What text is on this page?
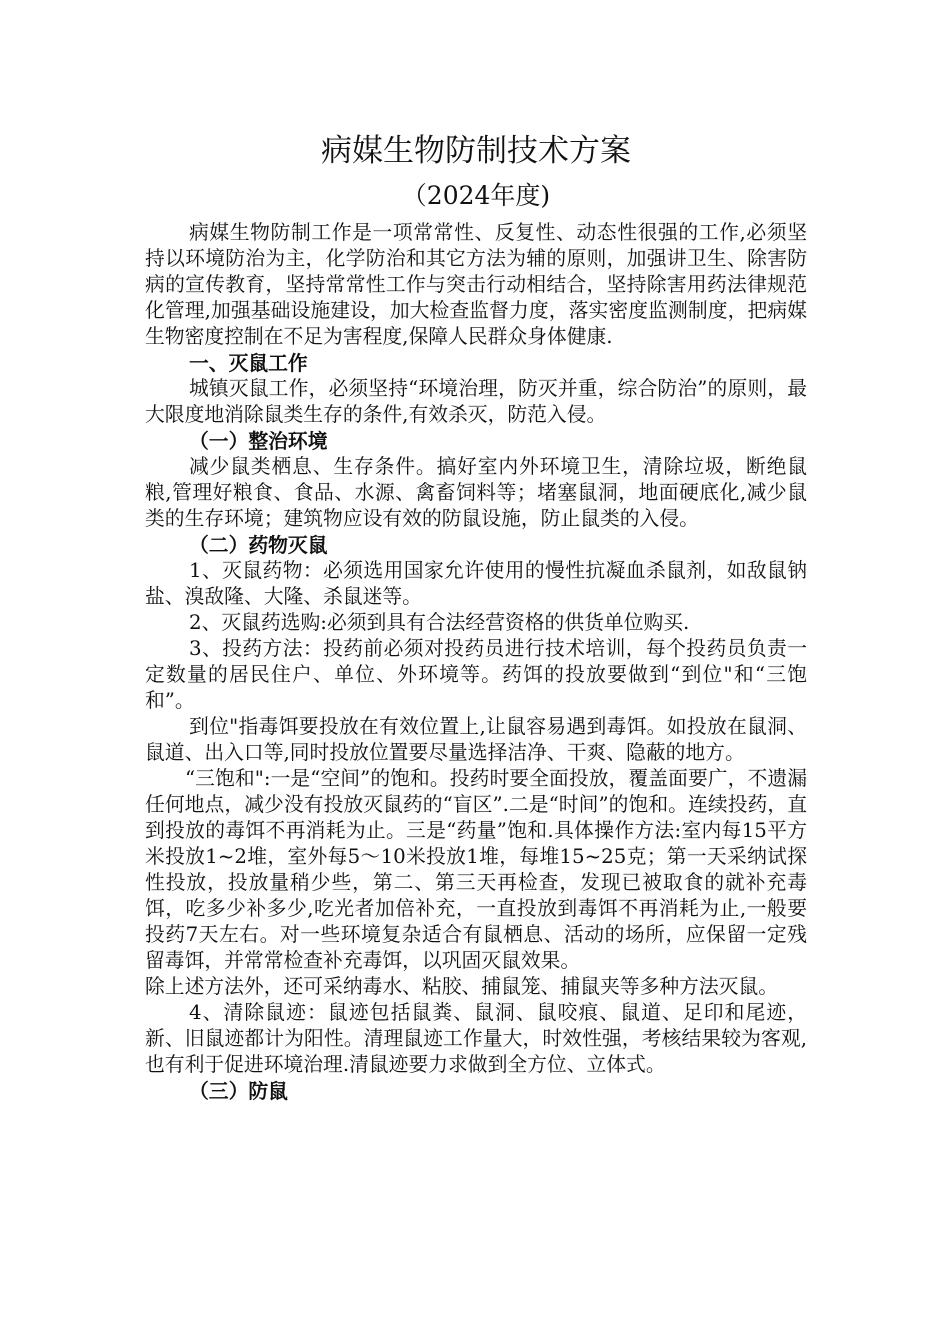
病媒生物防制技术方案
（2024年度)

病媒生物防制工作是一项常常性、反复性、动态性很强的工作,必须坚持以环境防治为主，化学防治和其它方法为辅的原则，加强讲卫生、除害防病的宣传教育，坚持常常性工作与突击行动相结合，坚持除害用药法律规范化管理,加强基础设施建设，加大检查监督力度，落实密度监测制度，把病媒生物密度控制在不足为害程度,保障人民群众身体健康.

一、灭鼠工作

城镇灭鼠工作，必须坚持“环境治理，防灭并重，综合防治”的原则，最大限度地消除鼠类生存的条件,有效杀灭，防范入侵。

（一）整治环境

减少鼠类栖息、生存条件。搞好室内外环境卫生，清除垃圾，断绝鼠粮,管理好粮食、食品、水源、禽畜饲料等；堵塞鼠洞，地面硬底化,减少鼠类的生存环境；建筑物应设有效的防鼠设施，防止鼠类的入侵。

（二）药物灭鼠

1、灭鼠药物：必须选用国家允许使用的慢性抗凝血杀鼠剂，如敌鼠钠盐、溴敌隆、大隆、杀鼠迷等。

2、灭鼠药选购:必须到具有合法经营资格的供货单位购买.

3、投药方法：投药前必须对投药员进行技术培训，每个投药员负责一定数量的居民住户、单位、外环境等。药饵的投放要做到“到位"和“三饱和”。

到位"指毒饵要投放在有效位置上,让鼠容易遇到毒饵。如投放在鼠洞、鼠道、出入口等,同时投放位置要尽量选择洁净、干爽、隐蔽的地方。

“三饱和":一是“空间”的饱和。投药时要全面投放，覆盖面要广，不遗漏任何地点，减少没有投放灭鼠药的“盲区”.二是“时间”的饱和。连续投药，直到投放的毒饵不再消耗为止。三是“药量”饱和.具体操作方法:室内每15平方米投放1~2堆，室外每5～10米投放1堆，每堆15~25克；第一天采纳试探性投放，投放量稍少些，第二、第三天再检查，发现已被取食的就补充毒饵，吃多少补多少,吃光者加倍补充，一直投放到毒饵不再消耗为止,一般要投药7天左右。对一些环境复杂适合有鼠栖息、活动的场所，应保留一定残留毒饵，并常常检查补充毒饵，以巩固灭鼠效果。

除上述方法外，还可采纳毒水、粘胶、捕鼠笼、捕鼠夹等多种方法灭鼠。

4、清除鼠迹：鼠迹包括鼠粪、鼠洞、鼠咬痕、鼠道、足印和尾迹，新、旧鼠迹都计为阳性。清理鼠迹工作量大，时效性强，考核结果较为客观,也有利于促进环境治理.清鼠迹要力求做到全方位、立体式。

（三）防鼠
